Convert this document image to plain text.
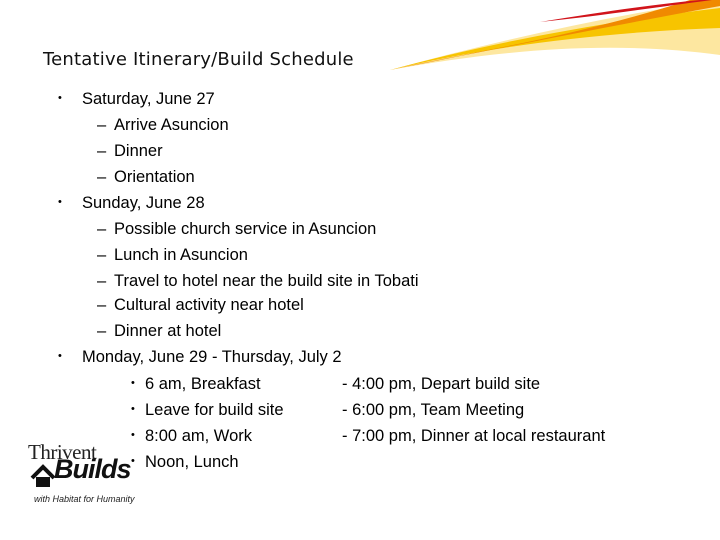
Tentative Itinerary/Build Schedule
• Saturday, June 27
– Arrive Asuncion
– Dinner
– Orientation
• Sunday, June 28
– Possible church service in Asuncion
– Lunch in Asuncion
– Travel to hotel near the build site in Tobati
– Cultural activity near hotel
– Dinner at hotel
• Monday, June 29 - Thursday, July 2
• 6 am, Breakfast	- 4:00 pm, Depart build site
• Leave for build site	- 6:00 pm, Team Meeting
• 8:00 am, Work	- 7:00 pm, Dinner at local restaurant
• Noon, Lunch
Thrivent
Builds
with Habitat for Humanity
